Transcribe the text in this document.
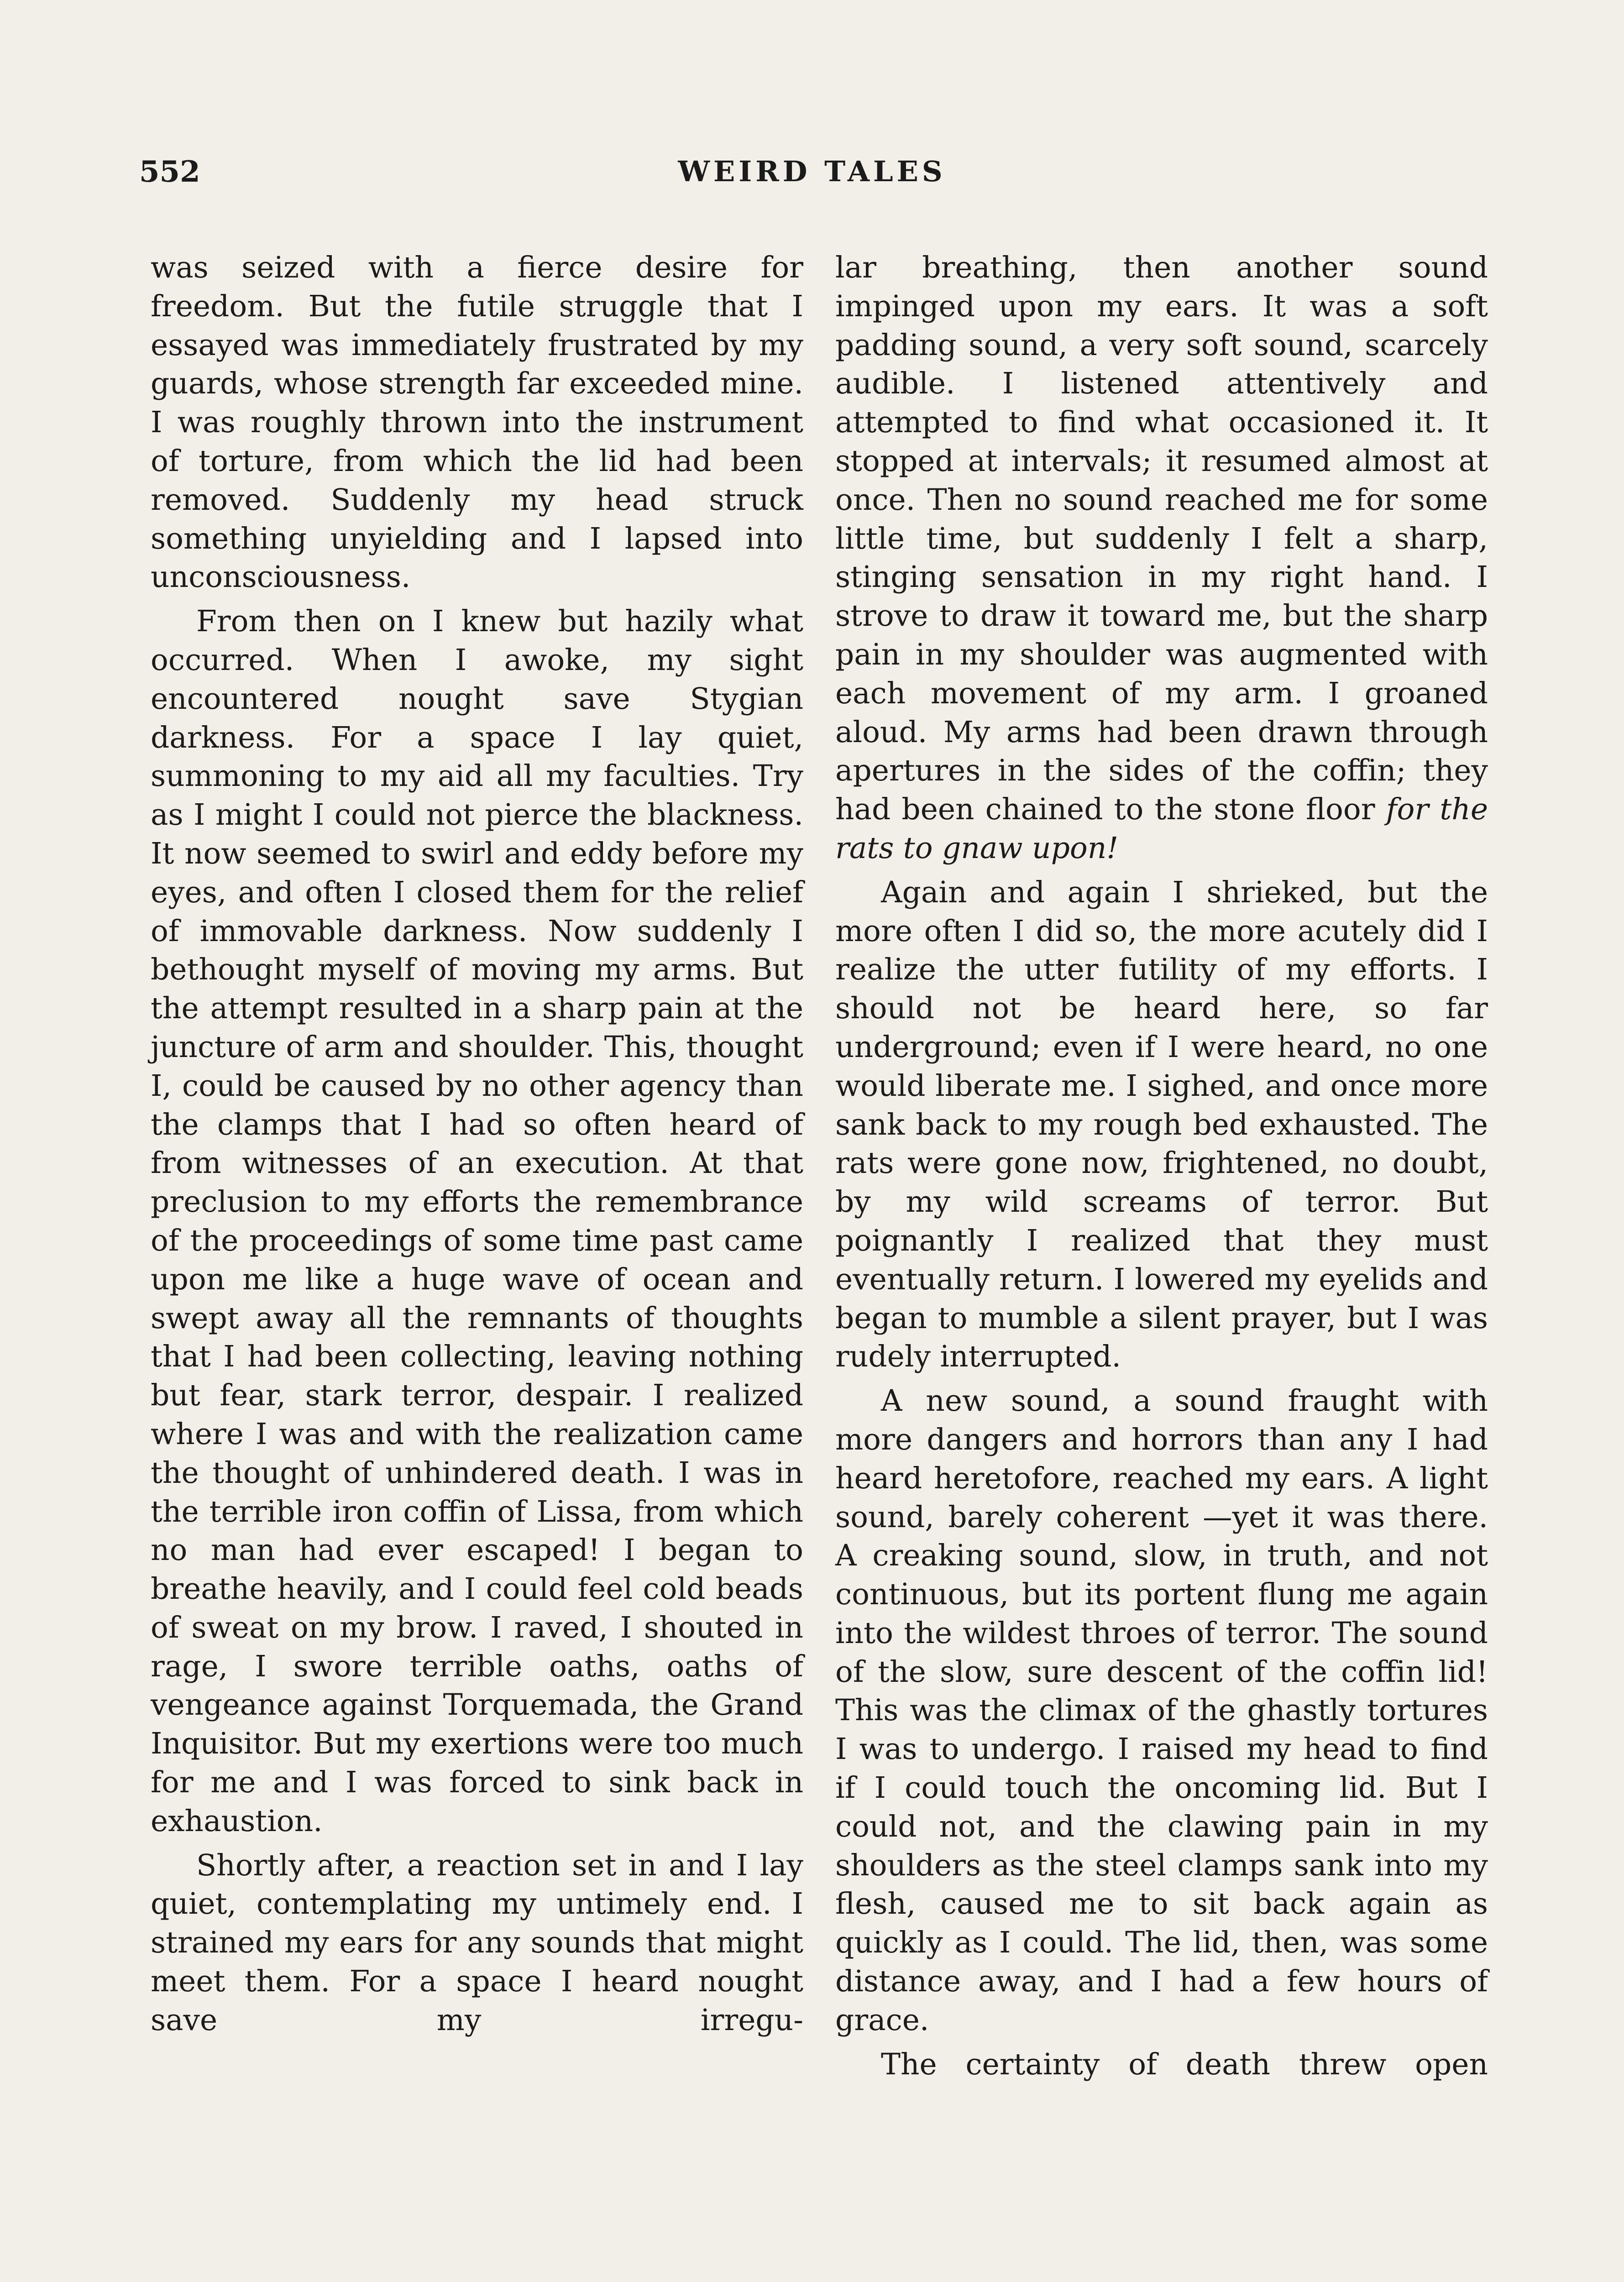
552	WEIRD TALES

was seized with a fierce desire for freedom. But the futile struggle that I essayed was immediately frustrated by my guards, whose strength far exceeded mine. I was roughly thrown into the instrument of torture, from which the lid had been removed. Suddenly my head struck something unyielding and I lapsed into unconsciousness.

From then on I knew but hazily what occurred. When I awoke, my sight encountered nought save Stygian darkness. For a space I lay quiet, summoning to my aid all my faculties. Try as I might I could not pierce the blackness. It now seemed to swirl and eddy before my eyes, and often I closed them for the relief of immovable darkness. Now suddenly I bethought myself of moving my arms. But the attempt resulted in a sharp pain at the juncture of arm and shoulder. This, thought I, could be caused by no other agency than the clamps that I had so often heard of from witnesses of an execution. At that preclusion to my efforts the remembrance of the proceedings of some time past came upon me like a huge wave of ocean and swept away all the remnants of thoughts that I had been collecting, leaving nothing but fear, stark terror, despair. I realized where I was and with the realization came the thought of unhindered death. I was in the terrible iron coffin of Lissa, from which no man had ever escaped! I began to breathe heavily, and I could feel cold beads of sweat on my brow. I raved, I shouted in rage, I swore terrible oaths, oaths of vengeance against Torquemada, the Grand Inquisitor. But my exertions were too much for me and I was forced to sink back in exhaustion.

Shortly after, a reaction set in and I lay quiet, contemplating my untimely end. I strained my ears for any sounds that might meet them. For a space I heard nought save my irregu-

lar breathing, then another sound impinged upon my ears. It was a soft padding sound, a very soft sound, scarcely audible. I listened attentively and attempted to find what occasioned it. It stopped at intervals; it resumed almost at once. Then no sound reached me for some little time, but suddenly I felt a sharp, stinging sensation in my right hand. I strove to draw it toward me, but the sharp pain in my shoulder was augmented with each movement of my arm. I groaned aloud. My arms had been drawn through apertures in the sides of the coffin; they had been chained to the stone floor for the rats to gnaw upon!

Again and again I shrieked, but the more often I did so, the more acutely did I realize the utter futility of my efforts. I should not be heard here, so far underground; even if I were heard, no one would liberate me. I sighed, and once more sank back to my rough bed exhausted. The rats were gone now, frightened, no doubt, by my wild screams of terror. But poignantly I realized that they must eventually return. I lowered my eyelids and began to mumble a silent prayer, but I was rudely interrupted.

A new sound, a sound fraught with more dangers and horrors than any I had heard heretofore, reached my ears. A light sound, barely coherent —yet it was there. A creaking sound, slow, in truth, and not continuous, but its portent flung me again into the wildest throes of terror. The sound of the slow, sure descent of the coffin lid! This was the climax of the ghastly tortures I was to undergo. I raised my head to find if I could touch the oncoming lid. But I could not, and the clawing pain in my shoulders as the steel clamps sank into my flesh, caused me to sit back again as quickly as I could. The lid, then, was some distance away, and I had a few hours of grace.

The certainty of death threw open
